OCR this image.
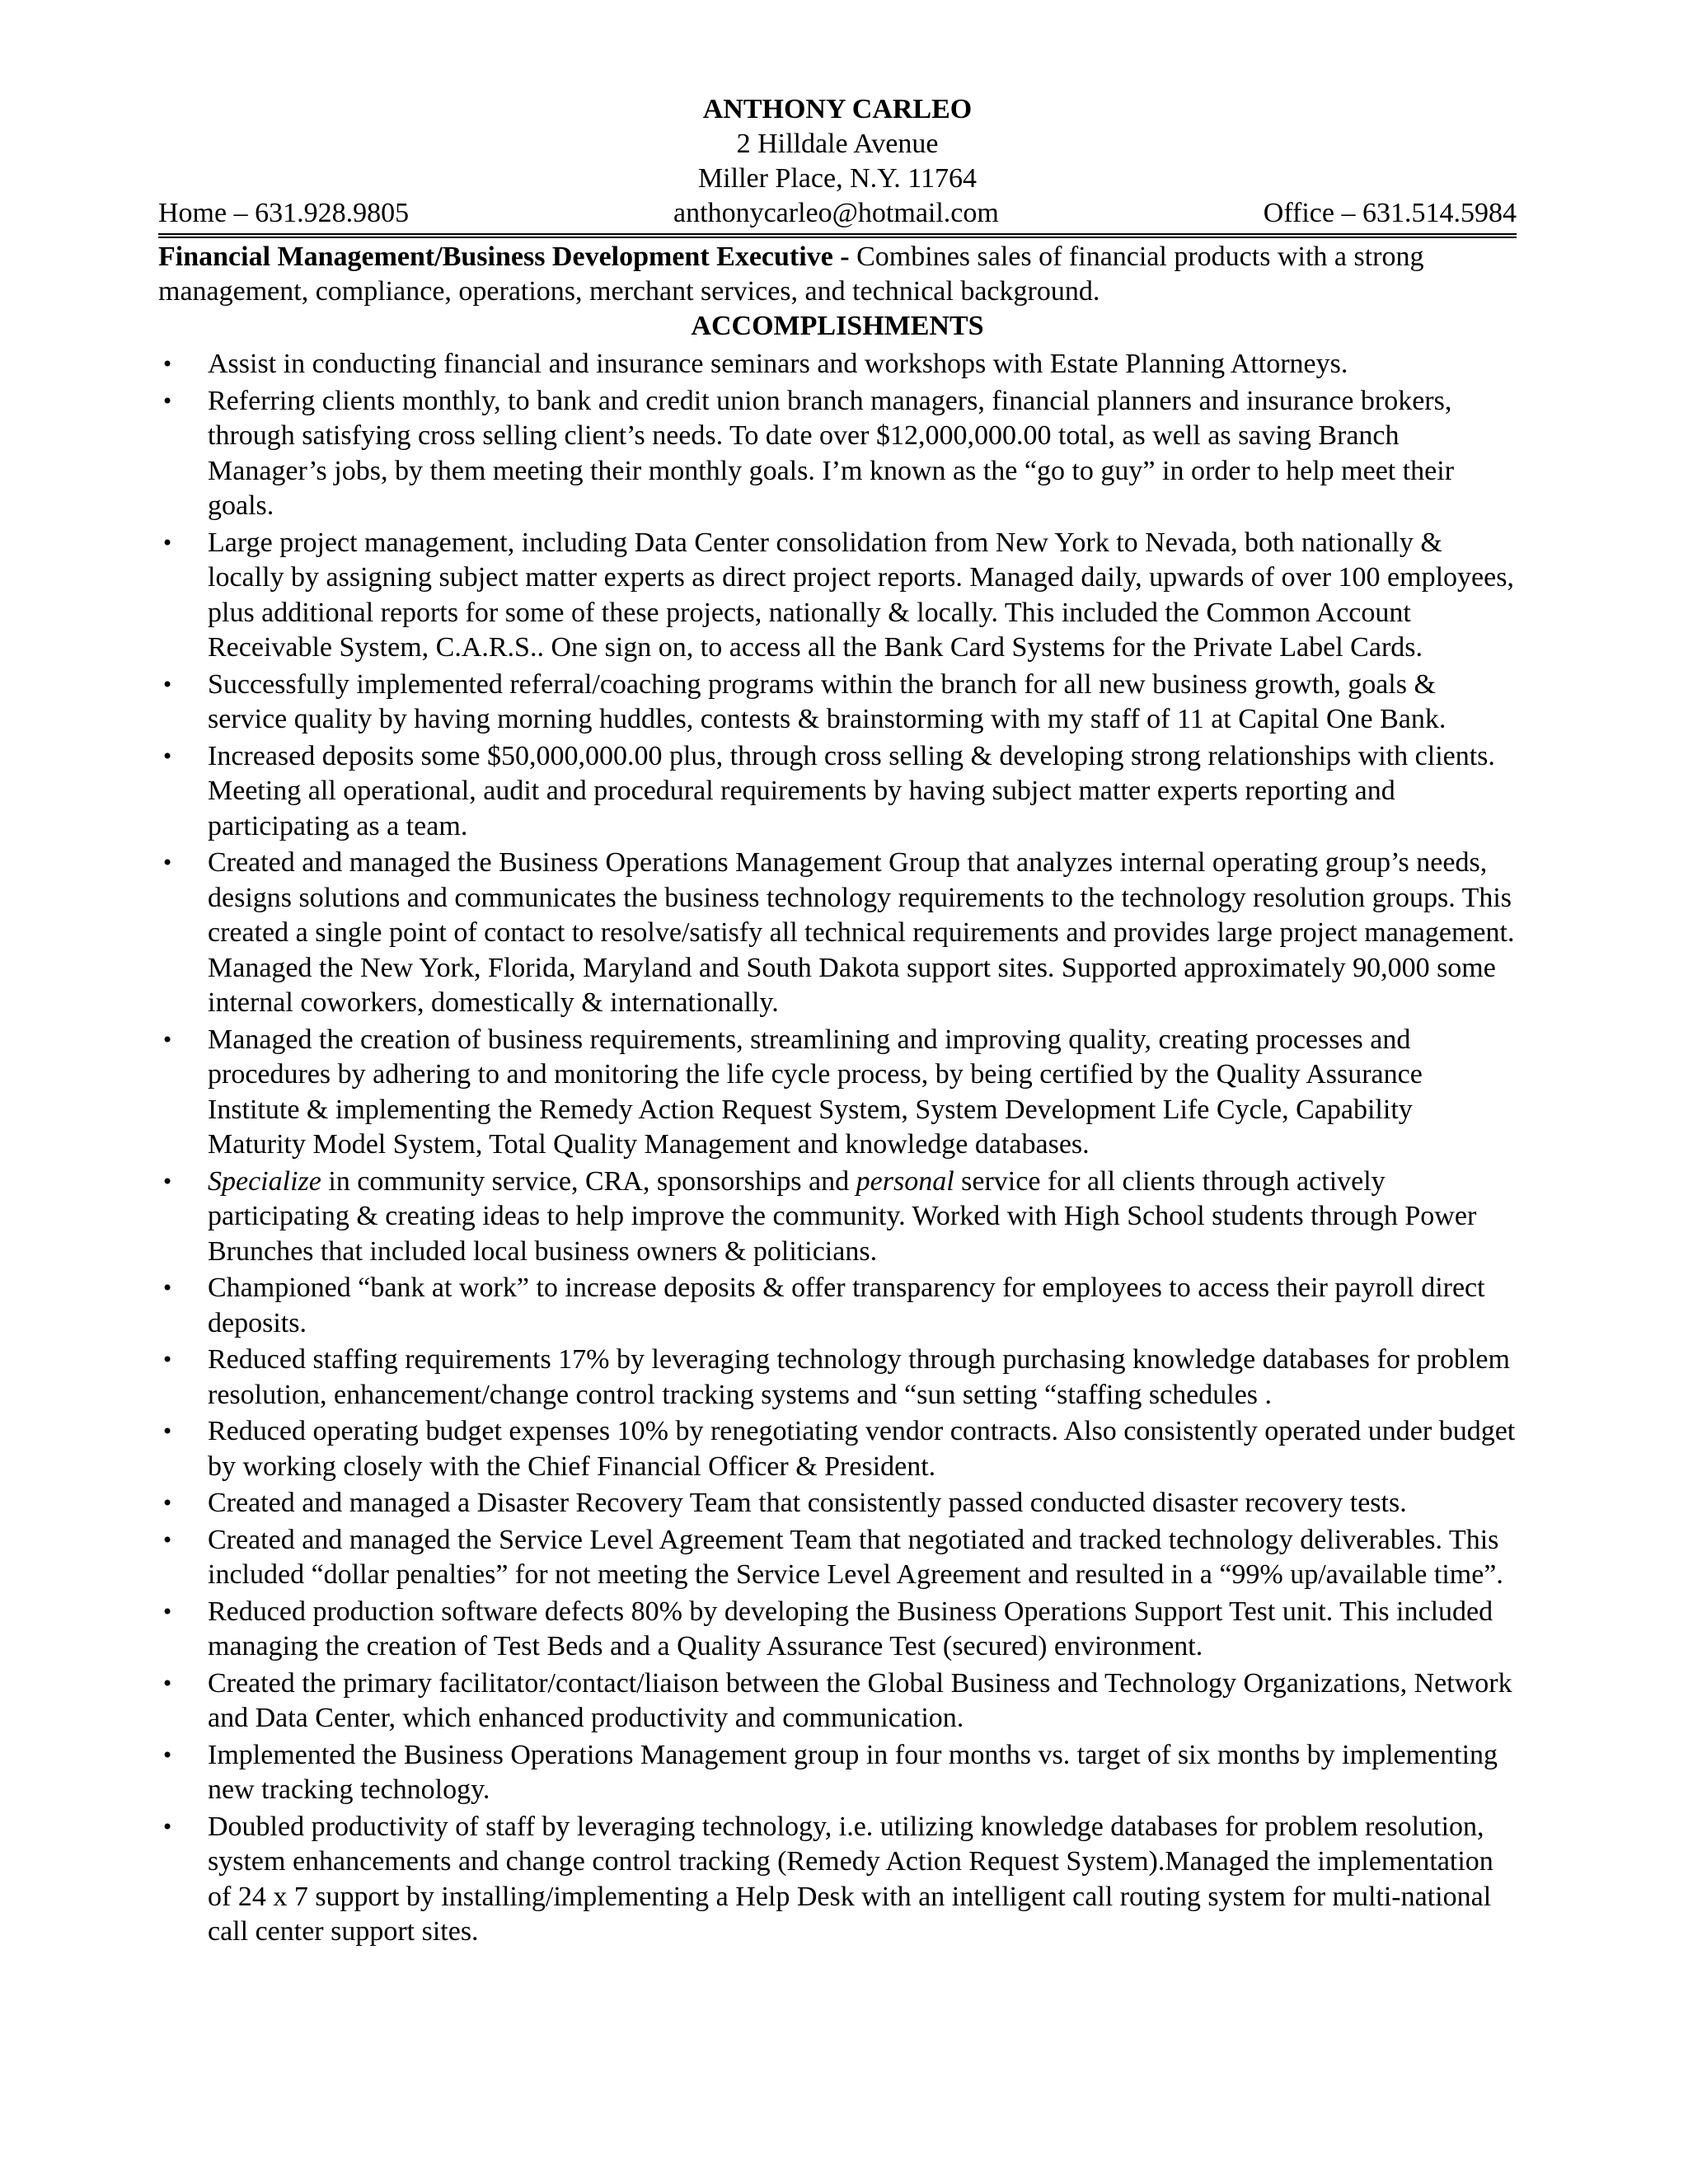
ANTHONY CARLEO
2 Hilldale Avenue
Miller Place, N.Y. 11764
Home – 631.928.9805	anthonycarleo@hotmail.com	Office – 631.514.5984
Financial Management/Business Development Executive - Combines sales of financial products with a strong management, compliance, operations, merchant services, and technical background.
ACCOMPLISHMENTS
• Assist in conducting financial and insurance seminars and workshops with Estate Planning Attorneys.
• Referring clients monthly, to bank and credit union branch managers, financial planners and insurance brokers, through satisfying cross selling client’s needs. To date over $12,000,000.00 total, as well as saving Branch Manager’s jobs, by them meeting their monthly goals. I’m known as the “go to guy” in order to help meet their goals.
• Large project management, including Data Center consolidation from New York to Nevada, both nationally & locally by assigning subject matter experts as direct project reports. Managed daily, upwards of over 100 employees, plus additional reports for some of these projects, nationally & locally. This included the Common Account Receivable System, C.A.R.S.. One sign on, to access all the Bank Card Systems for the Private Label Cards.
• Successfully implemented referral/coaching programs within the branch for all new business growth, goals & service quality by having morning huddles, contests & brainstorming with my staff of 11 at Capital One Bank.
• Increased deposits some $50,000,000.00 plus, through cross selling & developing strong relationships with clients. Meeting all operational, audit and procedural requirements by having subject matter experts reporting and participating as a team.
• Created and managed the Business Operations Management Group that analyzes internal operating group’s needs, designs solutions and communicates the business technology requirements to the technology resolution groups. This created a single point of contact to resolve/satisfy all technical requirements and provides large project management. Managed the New York, Florida, Maryland and South Dakota support sites. Supported approximately 90,000 some internal coworkers, domestically & internationally.
• Managed the creation of business requirements, streamlining and improving quality, creating processes and procedures by adhering to and monitoring the life cycle process, by being certified by the Quality Assurance Institute & implementing the Remedy Action Request System, System Development Life Cycle, Capability Maturity Model System, Total Quality Management and knowledge databases.
• Specialize in community service, CRA, sponsorships and personal service for all clients through actively participating & creating ideas to help improve the community. Worked with High School students through Power Brunches that included local business owners & politicians.
• Championed “bank at work” to increase deposits & offer transparency for employees to access their payroll direct deposits.
• Reduced staffing requirements 17% by leveraging technology through purchasing knowledge databases for problem resolution, enhancement/change control tracking systems and “sun setting “staffing schedules .
• Reduced operating budget expenses 10% by renegotiating vendor contracts. Also consistently operated under budget by working closely with the Chief Financial Officer & President.
• Created and managed a Disaster Recovery Team that consistently passed conducted disaster recovery tests.
• Created and managed the Service Level Agreement Team that negotiated and tracked technology deliverables. This included “dollar penalties” for not meeting the Service Level Agreement and resulted in a “99% up/available time”.
• Reduced production software defects 80% by developing the Business Operations Support Test unit. This included managing the creation of Test Beds and a Quality Assurance Test (secured) environment.
• Created the primary facilitator/contact/liaison between the Global Business and Technology Organizations, Network and Data Center, which enhanced productivity and communication.
• Implemented the Business Operations Management group in four months vs. target of six months by implementing new tracking technology.
• Doubled productivity of staff by leveraging technology, i.e. utilizing knowledge databases for problem resolution, system enhancements and change control tracking (Remedy Action Request System).Managed the implementation of 24 x 7 support by installing/implementing a Help Desk with an intelligent call routing system for multi-national call center support sites.
